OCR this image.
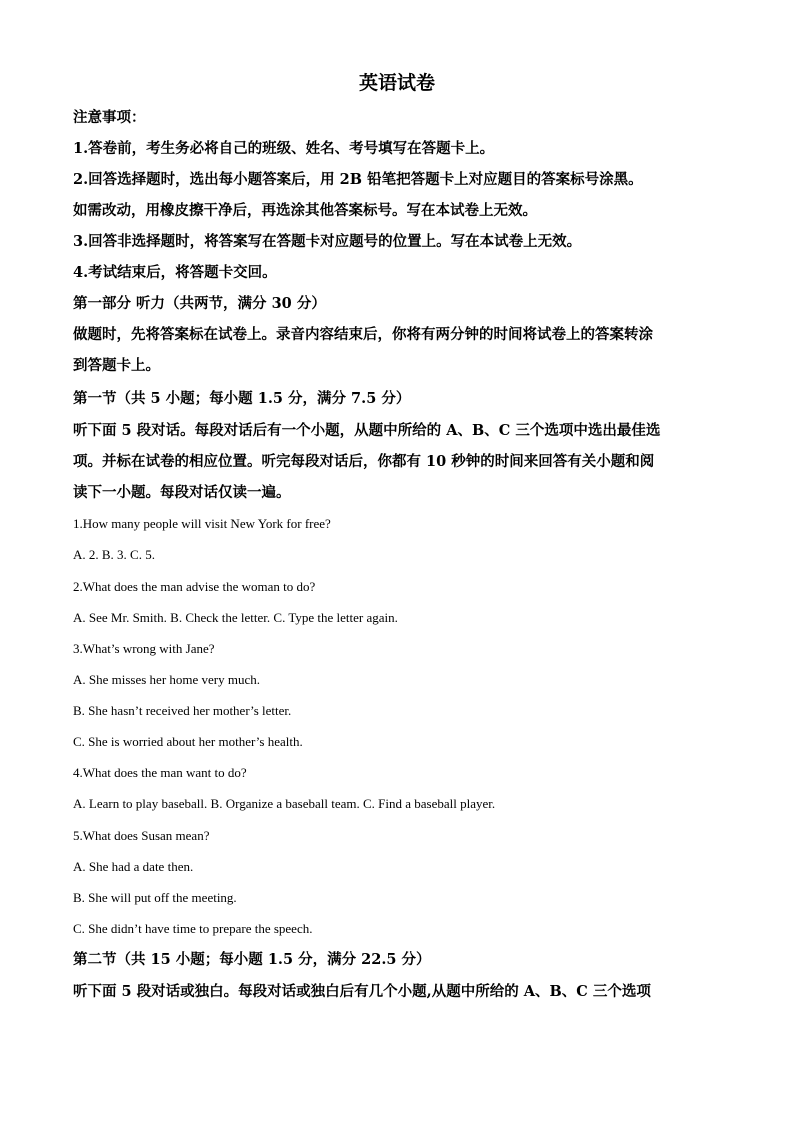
英语试卷
注意事项：
1.答卷前，考生务必将自己的班级、姓名、考号填写在答题卡上。
2.回答选择题时，选出每小题答案后，用 2B 铅笔把答题卡上对应题目的答案标号涂黑。
如需改动，用橡皮擦干净后，再选涂其他答案标号。写在本试卷上无效。
3.回答非选择题时，将答案写在答题卡对应题号的位置上。写在本试卷上无效。
4.考试结束后，将答题卡交回。
第一部分 听力（共两节，满分 30 分）
做题时，先将答案标在试卷上。录音内容结束后，你将有两分钟的时间将试卷上的答案转涂
到答题卡上。
第一节（共 5 小题；每小题 1.5 分，满分 7.5 分）
听下面 5 段对话。每段对话后有一个小题，从题中所给的 A、B、C 三个选项中选出最佳选
项。并标在试卷的相应位置。听完每段对话后，你都有 10 秒钟的时间来回答有关小题和阅
读下一小题。每段对话仅读一遍。
1.How many people will visit New York for free?
A. 2. B. 3. C. 5.
2.What does the man advise the woman to do?
A. See Mr. Smith. B. Check the letter. C. Type the letter again.
3.What’s wrong with Jane?
A. She misses her home very much.
B. She hasn’t received her mother’s letter.
C. She is worried about her mother’s health.
4.What does the man want to do?
A. Learn to play baseball. B. Organize a baseball team. C. Find a baseball player.
5.What does Susan mean?
A. She had a date then.
B. She will put off the meeting.
C. She didn’t have time to prepare the speech.
第二节（共 15 小题；每小题 1.5 分，满分 22.5 分）
听下面 5 段对话或独白。每段对话或独白后有几个小题,从题中所给的 A、B、C 三个选项
